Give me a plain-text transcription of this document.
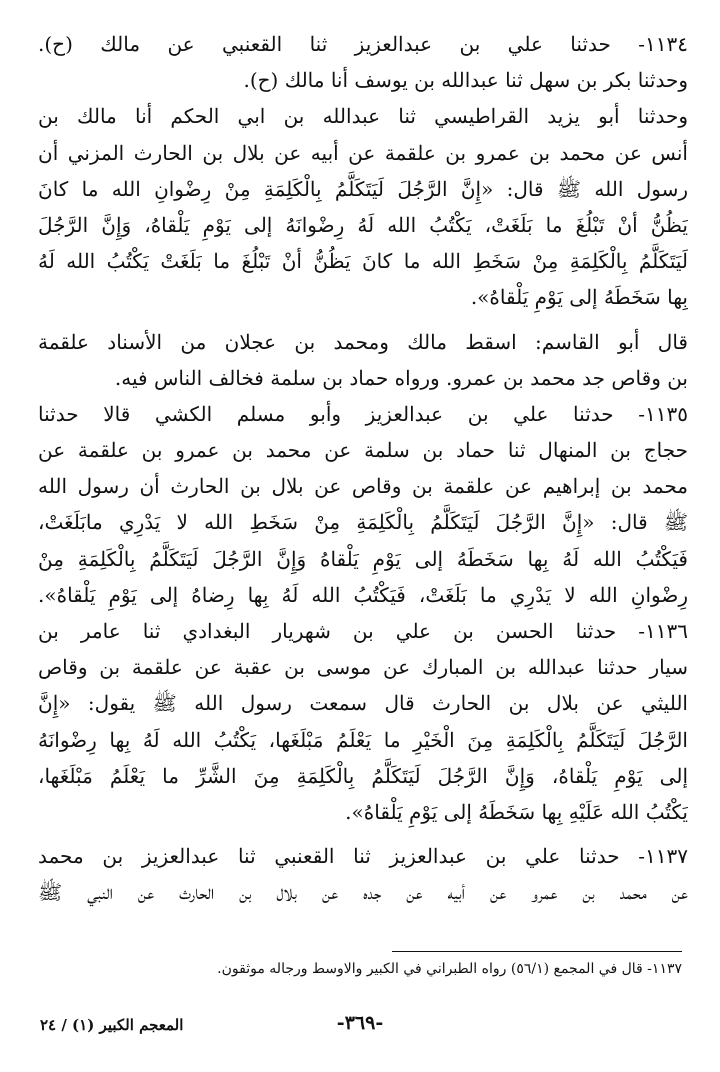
١١٣٤- حدثنا علي بن عبدالعزيز ثنا القعنبي عن مالك (ح).
وحدثنا بكر بن سهل ثنا عبدالله بن يوسف أنا مالك (ح).
وحدثنا أبو يزيد القراطيسي ثنا عبدالله بن ابي الحكم أنا مالك بن
أنس عن محمد بن عمرو بن علقمة عن أبيه عن بلال بن الحارث المزني أن
رسول الله ﷺ قال: «إِنَّ الرَّجُلَ لَيَتَكَلَّمُ بِالْكَلِمَةِ مِنْ رِضْوانِ الله ما كانَ
يَظُنُّ أنْ تَبْلُغَ ما بَلَغَتْ، يَكْتُبُ الله لَهُ رِضْوانَهُ إلى يَوْمِ يَلْقاهُ، وَإِنَّ الرَّجُلَ
لَيَتَكَلَّمُ بِالْكَلِمَةِ مِنْ سَخَطِ الله ما كانَ يَظُنُّ أنْ تَبْلُغَ ما بَلَغَتْ يَكْتُبُ الله لَهُ
بِها سَخَطَهُ إلى يَوْمِ يَلْقاهُ».
قال أبو القاسم: اسقط مالك ومحمد بن عجلان من الأسناد علقمة
بن وقاص جد محمد بن عمرو. ورواه حماد بن سلمة فخالف الناس فيه.
١١٣٥- حدثنا علي بن عبدالعزيز وأبو مسلم الكشي قالا حدثنا
حجاج بن المنهال ثنا حماد بن سلمة عن محمد بن عمرو بن علقمة عن
محمد بن إبراهيم عن علقمة بن وقاص عن بلال بن الحارث أن رسول الله
ﷺ قال: «إِنَّ الرَّجُلَ لَيَتَكَلَّمُ بِالْكَلِمَةِ مِنْ سَخَطِ الله لا يَدْرِي مابَلَغَتْ،
فَيَكْتُبُ الله لَهُ بِها سَخَطَهُ إلى يَوْمِ يَلْقاهُ وَإِنَّ الرَّجُلَ لَيَتَكَلَّمُ بِالْكَلِمَةِ مِنْ
رِضْوانِ الله لا يَدْرِي ما بَلَغَتْ، فَيَكْتُبُ الله لَهُ بِها رِضاهُ إلى يَوْمِ يَلْقاهُ».
١١٣٦- حدثنا الحسن بن علي بن شهريار البغدادي ثنا عامر بن
سيار حدثنا عبدالله بن المبارك عن موسى بن عقبة عن علقمة بن وقاص
الليثي عن بلال بن الحارث قال سمعت رسول الله ﷺ يقول: «إِنَّ
الرَّجُلَ لَيَتَكَلَّمُ بِالْكَلِمَةِ مِنَ الْخَيْرِ ما يَعْلَمُ مَبْلَغَها، يَكْتُبُ الله لَهُ بِها رِضْوانَهُ
إلى يَوْمِ يَلْقاهُ، وَإِنَّ الرَّجُلَ لَيَتَكَلَّمُ بِالْكَلِمَةِ مِنَ الشَّرِّ ما يَعْلَمُ مَبْلَغَها،
يَكْتُبُ الله عَلَيْهِ بِها سَخَطَهُ إلى يَوْمِ يَلْقاهُ».
١١٣٧- حدثنا علي بن عبدالعزيز ثنا القعنبي ثنا عبدالعزيز بن محمد
عن محمد بن عمرو عن أبيه عن جده عن بلال بن الحارث عن النبي ﷺ
١١٣٧- قال في المجمع (٥٦/١) رواه الطبراني في الكبير والاوسط ورجاله موثقون.
-٣٦٩-
المعجم الكبير (١) / ٢٤
